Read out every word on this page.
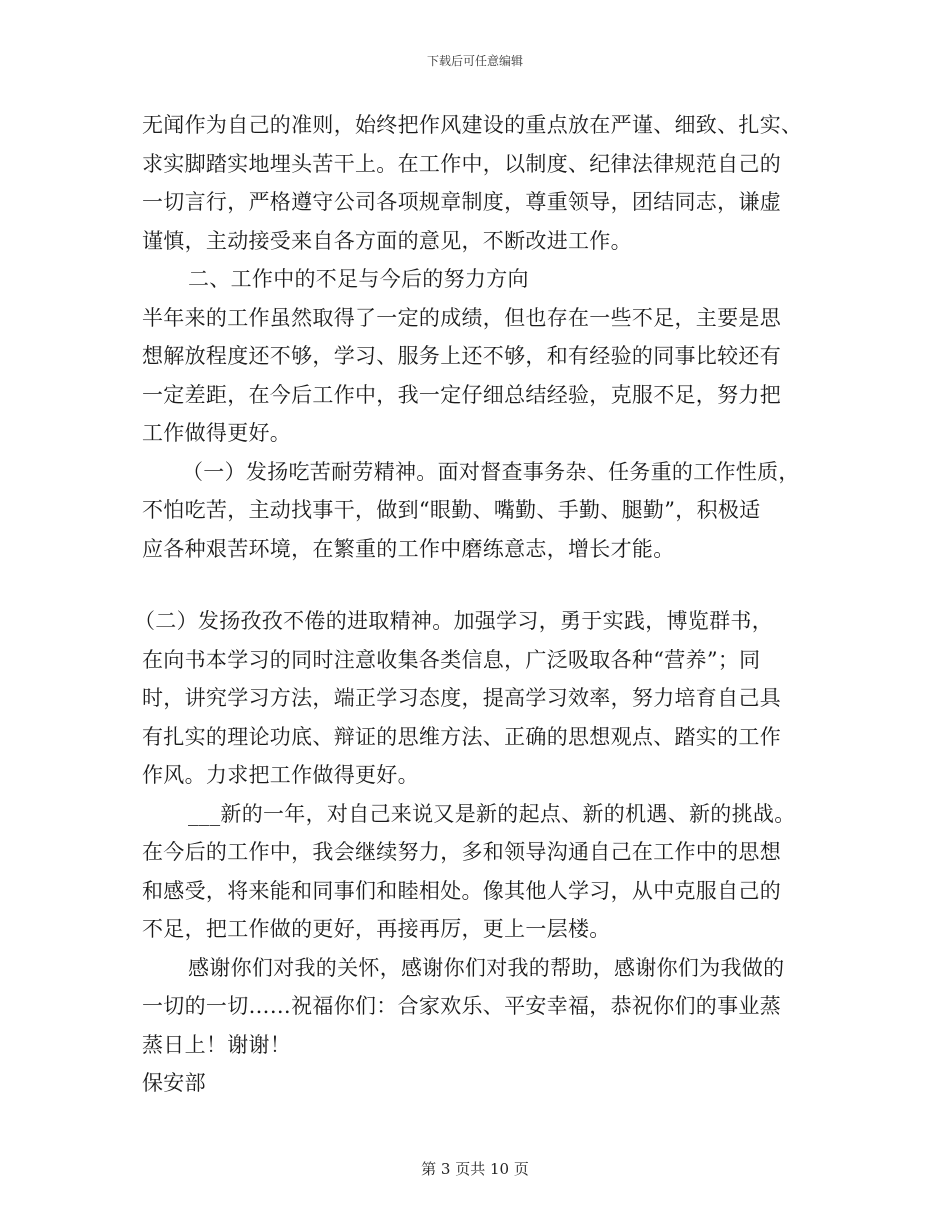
下载后可任意编辑
无闻作为自己的准则，始终把作风建设的重点放在严谨、细致、扎实、
求实脚踏实地埋头苦干上。在工作中，以制度、纪律法律规范自己的
一切言行，严格遵守公司各项规章制度，尊重领导，团结同志，谦虚
谨慎，主动接受来自各方面的意见，不断改进工作。
二、工作中的不足与今后的努力方向
半年来的工作虽然取得了一定的成绩，但也存在一些不足，主要是思
想解放程度还不够，学习、服务上还不够，和有经验的同事比较还有
一定差距，在今后工作中，我一定仔细总结经验，克服不足，努力把
工作做得更好。
（一）发扬吃苦耐劳精神。面对督查事务杂、任务重的工作性质，
不怕吃苦，主动找事干，做到“眼勤、嘴勤、手勤、腿勤”，积极适
应各种艰苦环境，在繁重的工作中磨练意志，增长才能。
（二）发扬孜孜不倦的进取精神。加强学习，勇于实践，博览群书，
在向书本学习的同时注意收集各类信息，广泛吸取各种“营养”；同
时，讲究学习方法，端正学习态度，提高学习效率，努力培育自己具
有扎实的理论功底、辩证的思维方法、正确的思想观点、踏实的工作
作风。力求把工作做得更好。
___新的一年，对自己来说又是新的起点、新的机遇、新的挑战。
在今后的工作中，我会继续努力，多和领导沟通自己在工作中的思想
和感受，将来能和同事们和睦相处。像其他人学习，从中克服自己的
不足，把工作做的更好，再接再厉，更上一层楼。
感谢你们对我的关怀，感谢你们对我的帮助，感谢你们为我做的
一切的一切……祝福你们：合家欢乐、平安幸福，恭祝你们的事业蒸
蒸日上！谢谢！
保安部
第 3 页共 10 页
